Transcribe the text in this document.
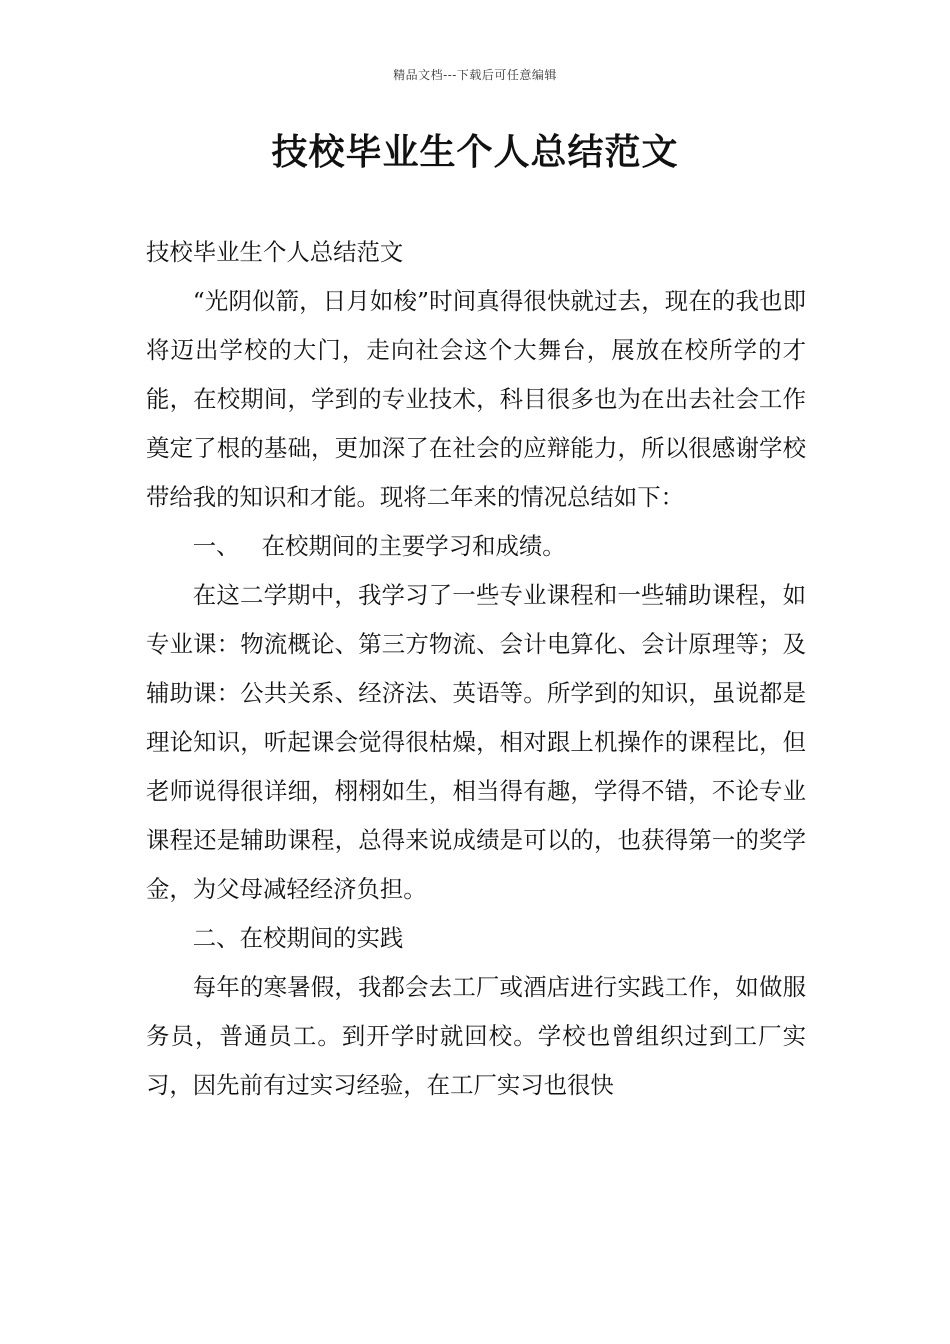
精品文档---下载后可任意编辑
技校毕业生个人总结范文

技校毕业生个人总结范文

“光阴似箭，日月如梭”时间真得很快就过去，现在的我也即将迈出学校的大门，走向社会这个大舞台，展放在校所学的才能，在校期间，学到的专业技术，科目很多也为在出去社会工作奠定了根的基础，更加深了在社会的应辩能力，所以很感谢学校带给我的知识和才能。现将二年来的情况总结如下：

一、 在校期间的主要学习和成绩。

在这二学期中，我学习了一些专业课程和一些辅助课程，如专业课：物流概论、第三方物流、会计电算化、会计原理等；及辅助课：公共关系、经济法、英语等。所学到的知识，虽说都是理论知识，听起课会觉得很枯燥，相对跟上机操作的课程比，但老师说得很详细，栩栩如生，相当得有趣，学得不错，不论专业课程还是辅助课程，总得来说成绩是可以的，也获得第一的奖学金，为父母减轻经济负担。

二、在校期间的实践

每年的寒暑假，我都会去工厂或酒店进行实践工作，如做服务员，普通员工。到开学时就回校。学校也曾组织过到工厂实习，因先前有过实习经验，在工厂实习也很快
